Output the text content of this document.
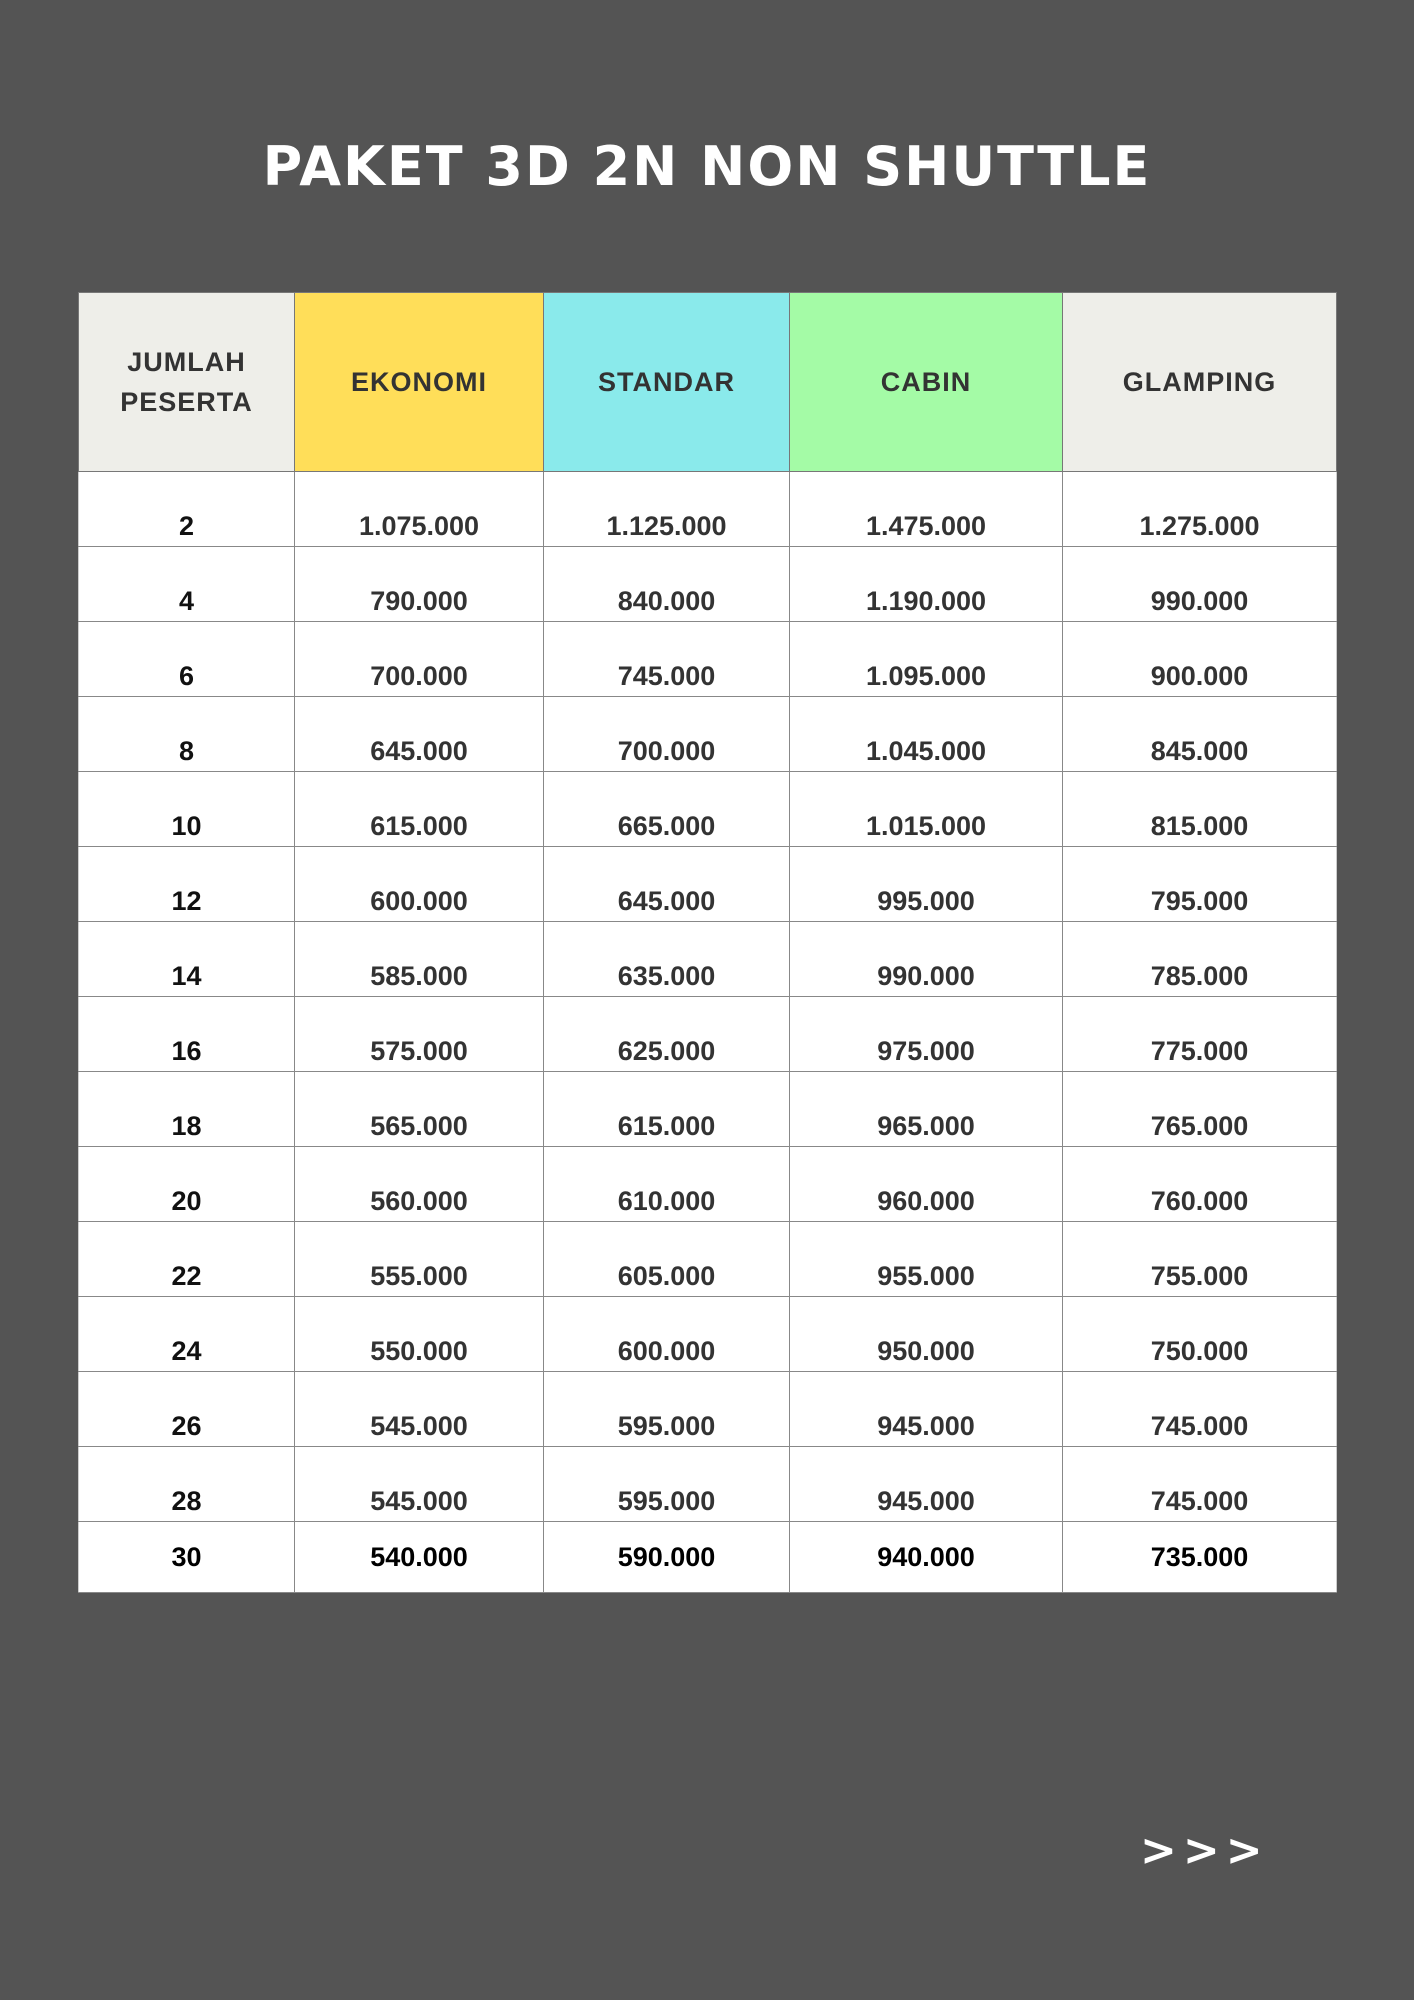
PAKET 3D 2N NON SHUTTLE
JUMLAH
PESERTA	EKONOMI	STANDAR	CABIN	GLAMPING
2	1.075.000	1.125.000	1.475.000	1.275.000
4	790.000	840.000	1.190.000	990.000
6	700.000	745.000	1.095.000	900.000
8	645.000	700.000	1.045.000	845.000
10	615.000	665.000	1.015.000	815.000
12	600.000	645.000	995.000	795.000
14	585.000	635.000	990.000	785.000
16	575.000	625.000	975.000	775.000
18	565.000	615.000	965.000	765.000
20	560.000	610.000	960.000	760.000
22	555.000	605.000	955.000	755.000
24	550.000	600.000	950.000	750.000
26	545.000	595.000	945.000	745.000
28	545.000	595.000	945.000	745.000
30	540.000	590.000	940.000	735.000
>>>
